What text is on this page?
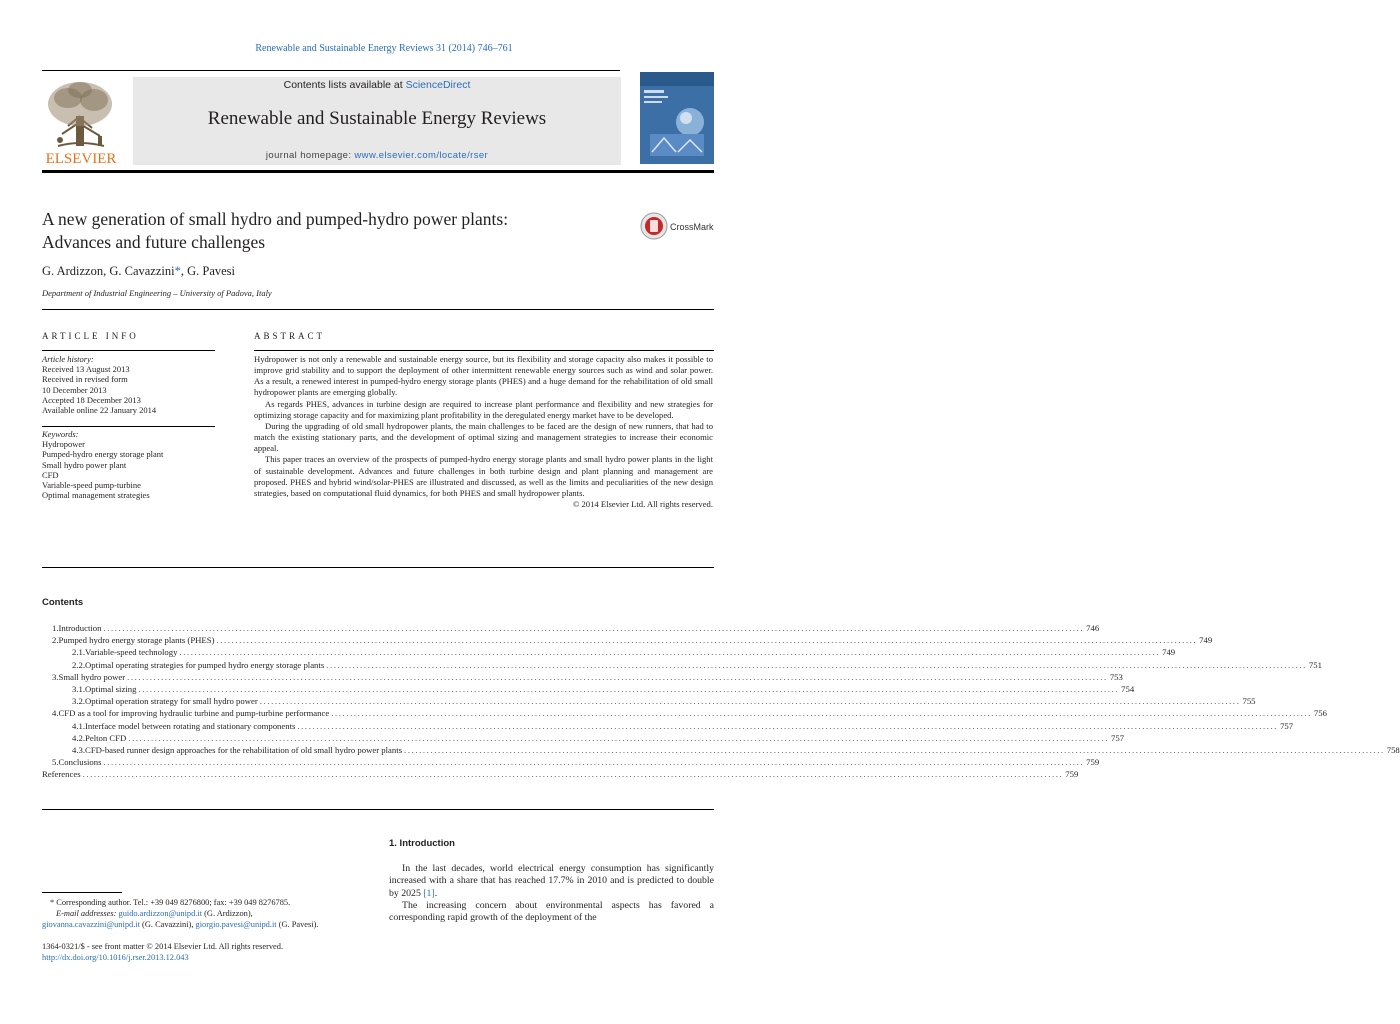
Renewable and Sustainable Energy Reviews 31 (2014) 746–761
ELSEVIER
Contents lists available at ScienceDirect
Renewable and Sustainable Energy Reviews
journal homepage: www.elsevier.com/locate/rser
A new generation of small hydro and pumped-hydro power plants:
Advances and future challenges
CrossMark
G. Ardizzon, G. Cavazzini*, G. Pavesi
Department of Industrial Engineering – University of Padova, Italy
ARTICLE INFO
Article history:
Received 13 August 2013
Received in revised form
10 December 2013
Accepted 18 December 2013
Available online 22 January 2014
Keywords:
Hydropower
Pumped-hydro energy storage plant
Small hydro power plant
CFD
Variable-speed pump-turbine
Optimal management strategies
ABSTRACT

Hydropower is not only a renewable and sustainable energy source, but its flexibility and storage capacity also makes it possible to improve grid stability and to support the deployment of other intermittent renewable energy sources such as wind and solar power. As a result, a renewed interest in pumped-hydro energy storage plants (PHES) and a huge demand for the rehabilitation of old small hydropower plants are emerging globally.

As regards PHES, advances in turbine design are required to increase plant performance and flexibility and new strategies for optimizing storage capacity and for maximizing plant profitability in the deregulated energy market have to be developed.

During the upgrading of old small hydropower plants, the main challenges to be faced are the design of new runners, that had to match the existing stationary parts, and the development of optimal sizing and management strategies to increase their economic appeal.

This paper traces an overview of the prospects of pumped-hydro energy storage plants and small hydro power plants in the light of sustainable development. Advances and future challenges in both turbine design and plant planning and management are proposed. PHES and hybrid wind/solar-PHES are illustrated and discussed, as well as the limits and peculiarities of the new design strategies, based on computational fluid dynamics, for both PHES and small hydropower plants.

© 2014 Elsevier Ltd. All rights reserved.
Contents
1. Introduction .................................................................................................................................................................................................................................................................... 746
2. Pumped hydro energy storage plants (PHES) .................................................................................................................................................................................................................................................................... 749
2.1. Variable-speed technology .................................................................................................................................................................................................................................................................... 749
2.2. Optimal operating strategies for pumped hydro energy storage plants .................................................................................................................................................................................................................................................................... 751
3. Small hydro power .................................................................................................................................................................................................................................................................... 753
3.1. Optimal sizing .................................................................................................................................................................................................................................................................... 754
3.2. Optimal operation strategy for small hydro power .................................................................................................................................................................................................................................................................... 755
4. CFD as a tool for improving hydraulic turbine and pump-turbine performance .................................................................................................................................................................................................................................................................... 756
4.1. Interface model between rotating and stationary components .................................................................................................................................................................................................................................................................... 757
4.2. Pelton CFD .................................................................................................................................................................................................................................................................... 757
4.3. CFD-based runner design approaches for the rehabilitation of old small hydro power plants .................................................................................................................................................................................................................................................................... 758
5. Conclusions .................................................................................................................................................................................................................................................................... 759
References .................................................................................................................................................................................................................................................................... 759
* Corresponding author. Tel.: +39 049 8276800; fax: +39 049 8276785.
E-mail addresses: guido.ardizzon@unipd.it (G. Ardizzon),
giovanna.cavazzini@unipd.it (G. Cavazzini), giorgio.pavesi@unipd.it (G. Pavesi).
1364-0321/$ - see front matter © 2014 Elsevier Ltd. All rights reserved.
http://dx.doi.org/10.1016/j.rser.2013.12.043
1. Introduction

In the last decades, world electrical energy consumption has significantly increased with a share that has reached 17.7% in 2010 and is predicted to double by 2025 [1].

The increasing concern about environmental aspects has favored a corresponding rapid growth of the deployment of the
